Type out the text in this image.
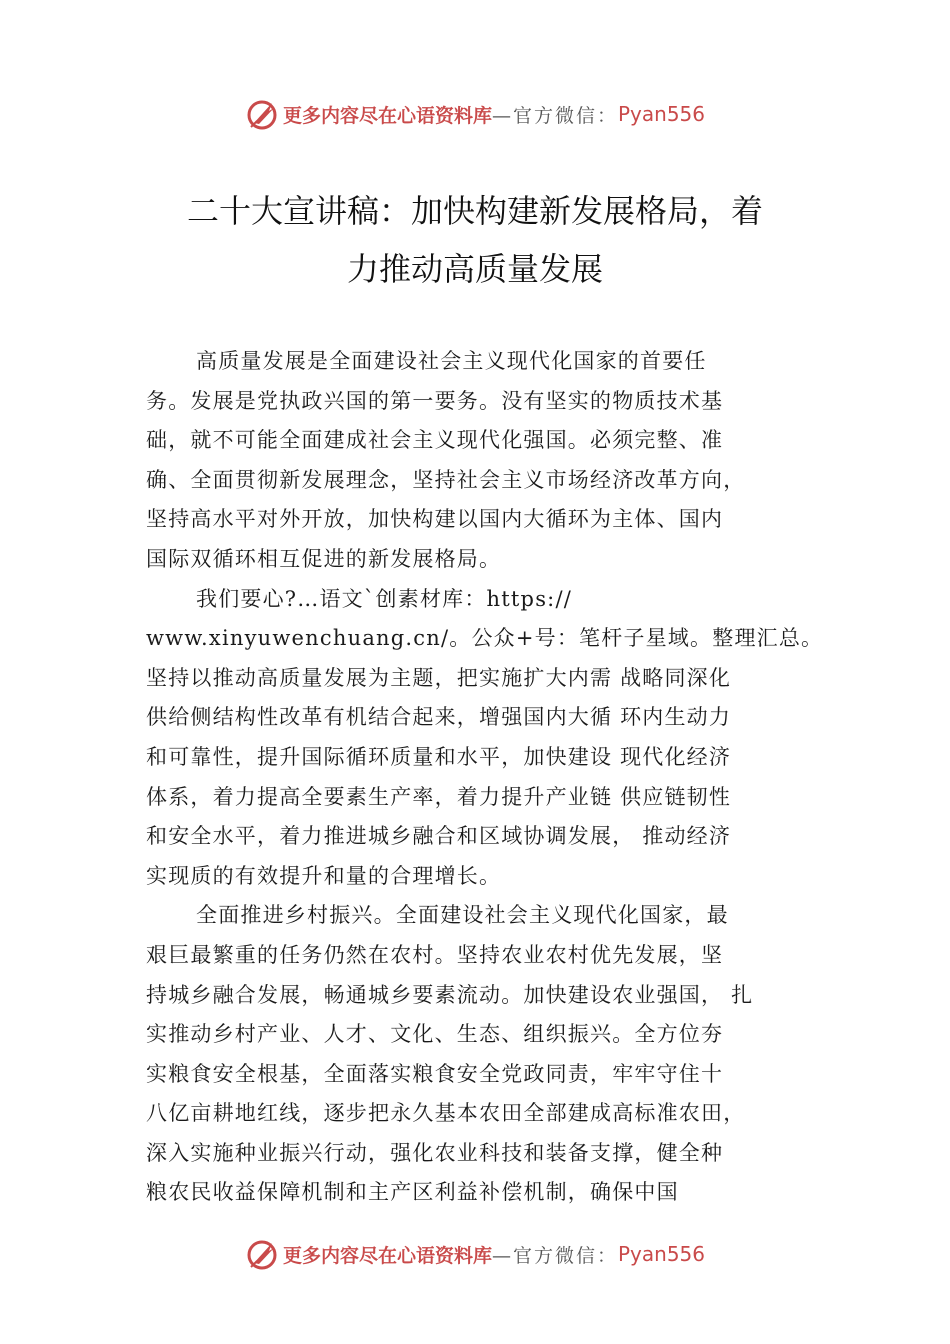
更多内容尽在心语资料库 —官方微信： Pyan556
二十大宣讲稿：加快构建新发展格局，着
力推动高质量发展
高质量发展是全面建设社会主义现代化国家的首要任
务。发展是党执政兴国的第一要务。没有坚实的物质技术基
础，就不可能全面建成社会主义现代化强国。必须完整、准
确、全面贯彻新发展理念，坚持社会主义市场经济改革方向，
坚持高水平对外开放，加快构建以国内大循环为主体、国内
国际双循环相互促进的新发展格局。
我们要心?…语文`创素材库：https://
www.xinyuwenchuang.cn/。公众+号：笔杆子星域。整理汇总。
坚持以推动高质量发展为主题，把实施扩大内需 战略同深化
供给侧结构性改革有机结合起来，增强国内大循 环内生动力
和可靠性，提升国际循环质量和水平，加快建设 现代化经济
体系，着力提高全要素生产率，着力提升产业链 供应链韧性
和安全水平，着力推进城乡融合和区域协调发展， 推动经济
实现质的有效提升和量的合理增长。
全面推进乡村振兴。全面建设社会主义现代化国家，最
艰巨最繁重的任务仍然在农村。坚持农业农村优先发展，坚
持城乡融合发展，畅通城乡要素流动。加快建设农业强国， 扎
实推动乡村产业、人才、文化、生态、组织振兴。全方位夯
实粮食安全根基，全面落实粮食安全党政同责，牢牢守住十
八亿亩耕地红线，逐步把永久基本农田全部建成高标准农田，
深入实施种业振兴行动，强化农业科技和装备支撑，健全种
粮农民收益保障机制和主产区利益补偿机制，确保中国
更多内容尽在心语资料库 —官方微信： Pyan556
